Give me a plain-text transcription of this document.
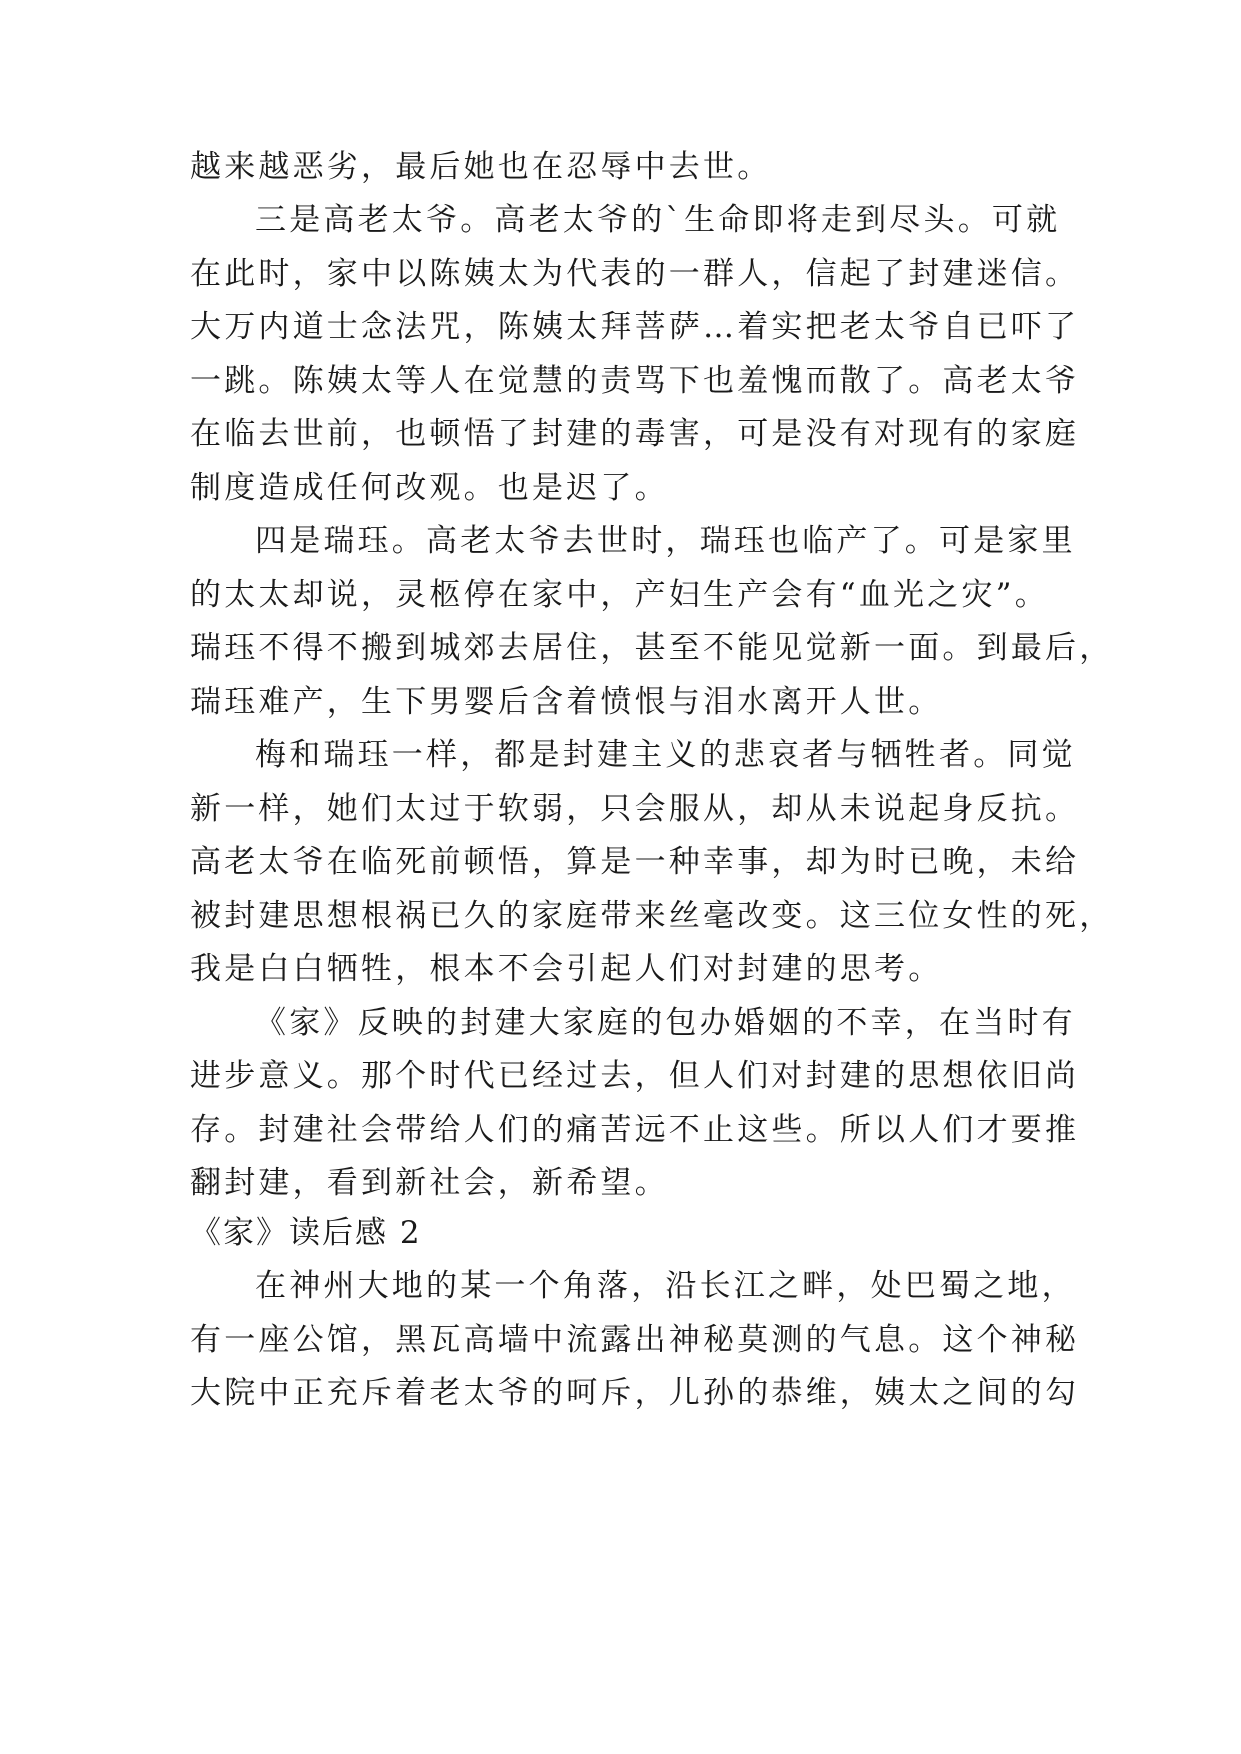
越来越恶劣，最后她也在忍辱中去世。
三是高老太爷。高老太爷的`生命即将走到尽头。可就
在此时，家中以陈姨太为代表的一群人，信起了封建迷信。
大万内道士念法咒，陈姨太拜菩萨…着实把老太爷自已吓了
一跳。陈姨太等人在觉慧的责骂下也羞愧而散了。高老太爷
在临去世前，也顿悟了封建的毒害，可是没有对现有的家庭
制度造成任何改观。也是迟了。
四是瑞珏。高老太爷去世时，瑞珏也临产了。可是家里
的太太却说，灵柩停在家中，产妇生产会有“血光之灾”。
瑞珏不得不搬到城郊去居住，甚至不能见觉新一面。到最后，
瑞珏难产，生下男婴后含着愤恨与泪水离开人世。
梅和瑞珏一样，都是封建主义的悲哀者与牺牲者。同觉
新一样，她们太过于软弱，只会服从，却从未说起身反抗。
高老太爷在临死前顿悟，算是一种幸事，却为时已晚，未给
被封建思想根祸已久的家庭带来丝毫改变。这三位女性的死，
我是白白牺牲，根本不会引起人们对封建的思考。
《家》反映的封建大家庭的包办婚姻的不幸，在当时有
进步意义。那个时代已经过去，但人们对封建的思想依旧尚
存。封建社会带给人们的痛苦远不止这些。所以人们才要推
翻封建，看到新社会，新希望。
《家》读后感 2
在神州大地的某一个角落，沿长江之畔，处巴蜀之地，
有一座公馆，黑瓦高墙中流露出神秘莫测的气息。这个神秘
大院中正充斥着老太爷的呵斥，儿孙的恭维，姨太之间的勾
